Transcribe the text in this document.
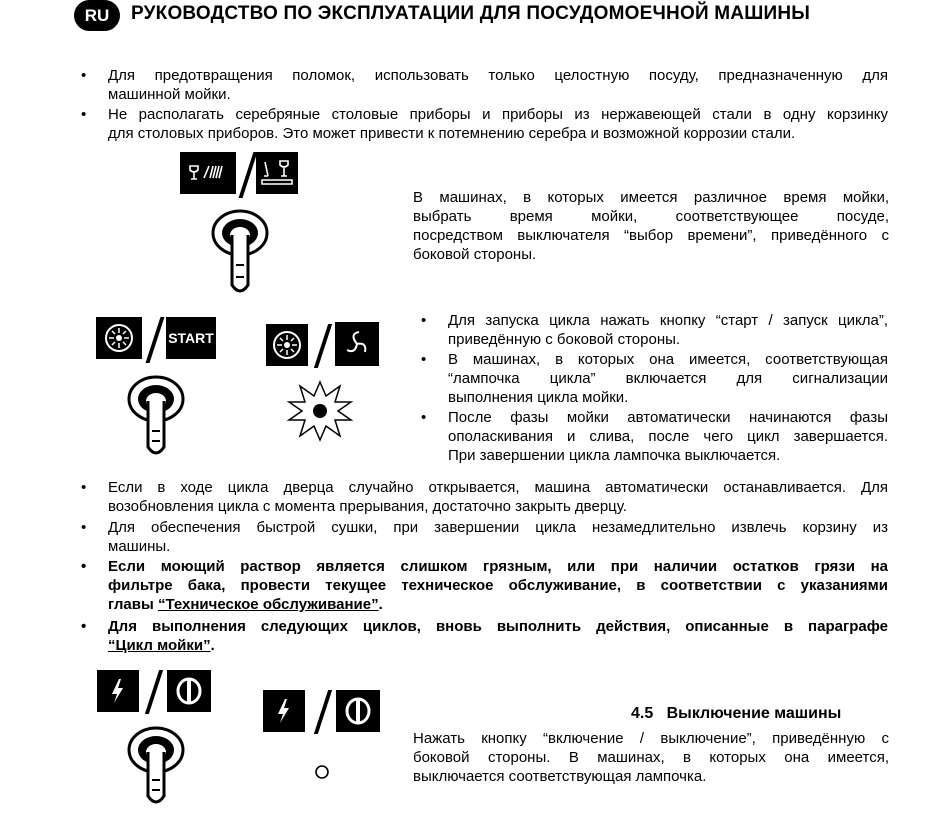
RU	РУКОВОДСТВО ПО ЭКСПЛУАТАЦИИ ДЛЯ ПОСУДОМОЕЧНОЙ МАШИНЫ
• Для предотвращения поломок, использовать только целостную посуду, предназначенную для
машинной мойки.
• Не располагать серебряные столовые приборы и приборы из нержавеющей стали в одну корзинку
для столовых приборов. Это может привести к потемнению серебра и возможной коррозии стали.
В машинах, в которых имеется различное время мойки,
выбрать время мойки, соответствующее посуде,
посредством выключателя “выбор времени”, приведённого с
боковой стороны.
START
• Для запуска цикла нажать кнопку “старт / запуск цикла”,
приведённую с боковой стороны.
• В машинах, в которых она имеется, соответствующая
“лампочка цикла” включается для сигнализации
выполнения цикла мойки.
• После фазы мойки автоматически начинаются фазы
ополаскивания и слива, после чего цикл завершается.
При завершении цикла лампочка выключается.
• Если в ходе цикла дверца случайно открывается, машина автоматически останавливается. Для
возобновления цикла с момента прерывания, достаточно закрыть дверцу.
• Для обеспечения быстрой сушки, при завершении цикла незамедлительно извлечь корзину из
машины.
• Если моющий раствор является слишком грязным, или при наличии остатков грязи на
фильтре бака, провести текущее техническое обслуживание, в соответствии с указаниями
главы “Техническое обслуживание”.
• Для выполнения следующих циклов, вновь выполнить действия, описанные в параграфе
“Цикл мойки”.
4.5 Выключение машины
Нажать кнопку “включение / выключение”, приведённую с
боковой стороны. В машинах, в которых она имеется,
выключается соответствующая лампочка.
